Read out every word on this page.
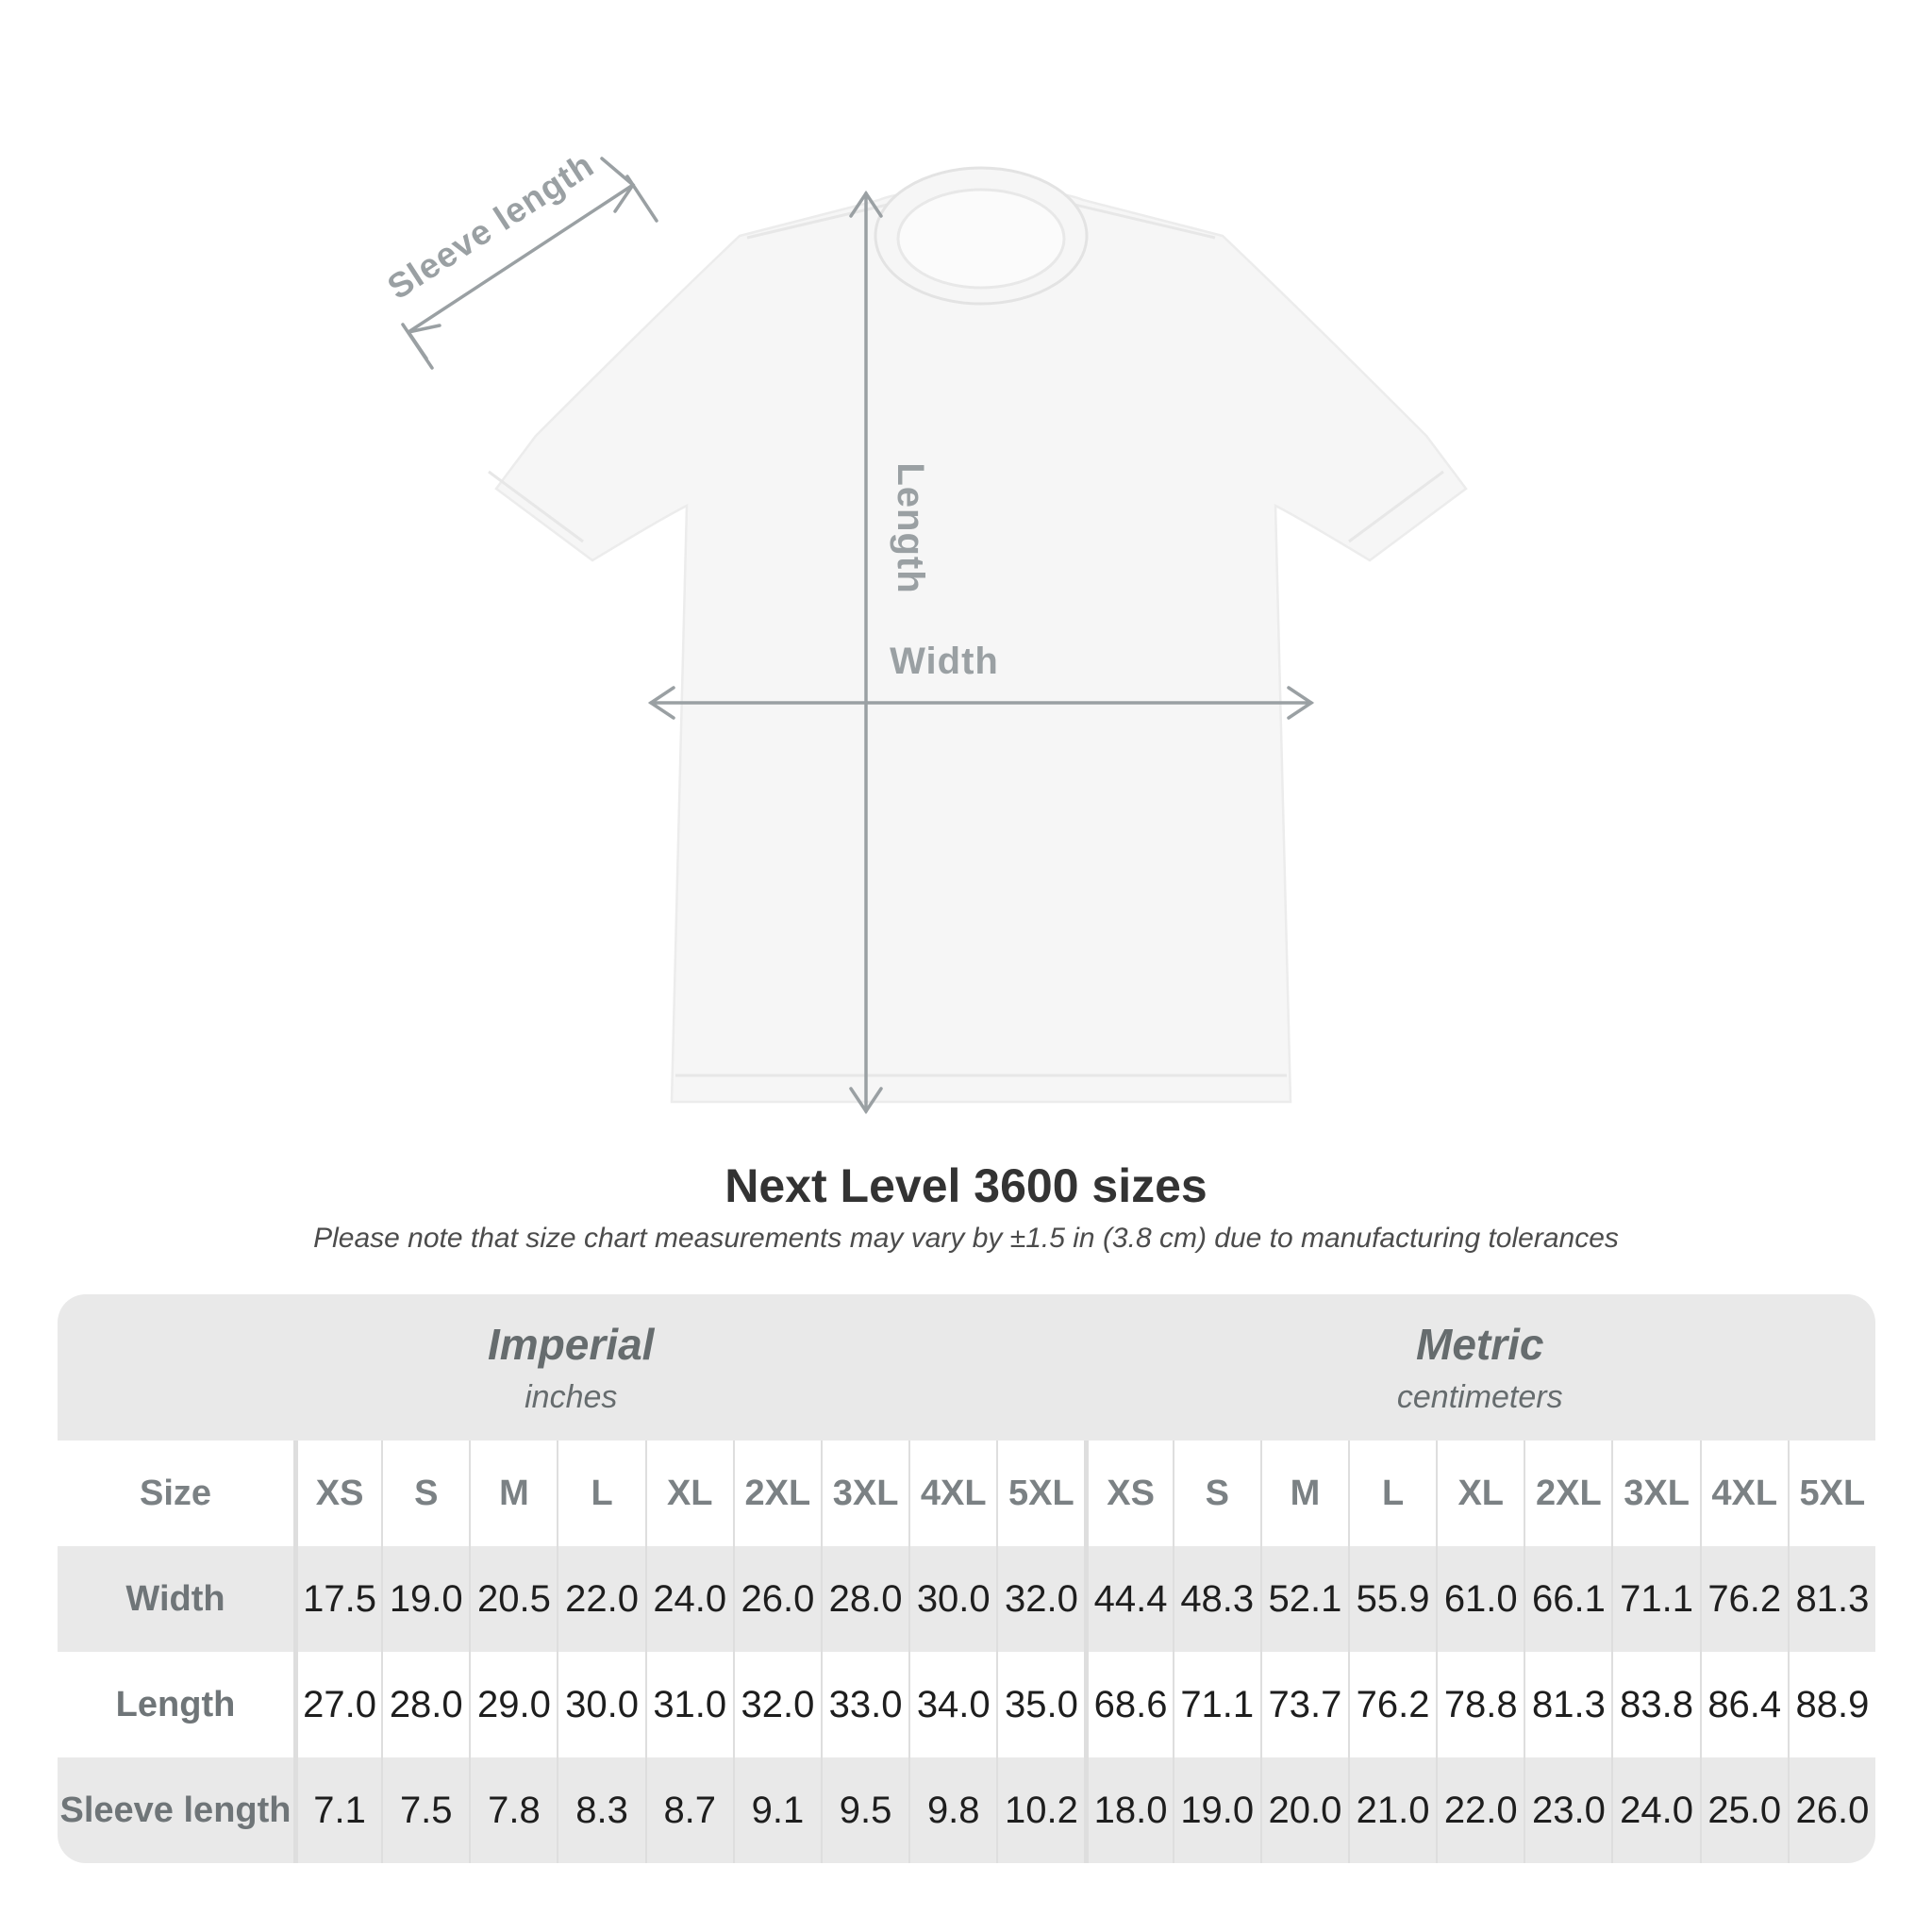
Sleeve length
Length
Width
Next Level 3600 sizes

Please note that size chart measurements may vary by ±1.5 in (3.8 cm) due to manufacturing tolerances

Imperial
inches
Metric
centimeters
Size	XS	S	M	L	XL 2XL 3XL 4XL 5XL XS	S	M	L	XL 2XL 3XL 4XL 5XL
Width	17.5 19.0 20.5 22.0 24.0 26.0 28.0 30.0 32.0 44.4 48.3 52.1 55.9 61.0 66.1 71.1 76.2 81.3
Length	27.0 28.0 29.0 30.0 31.0 32.0 33.0 34.0 35.0 68.6 71.1 73.7 76.2 78.8 81.3 83.8 86.4 88.9
Sleeve length 7.1 7.5 7.8 8.3 8.7 9.1 9.5 9.8 10.2 18.0 19.0 20.0 21.0 22.0 23.0 24.0 25.0 26.0
